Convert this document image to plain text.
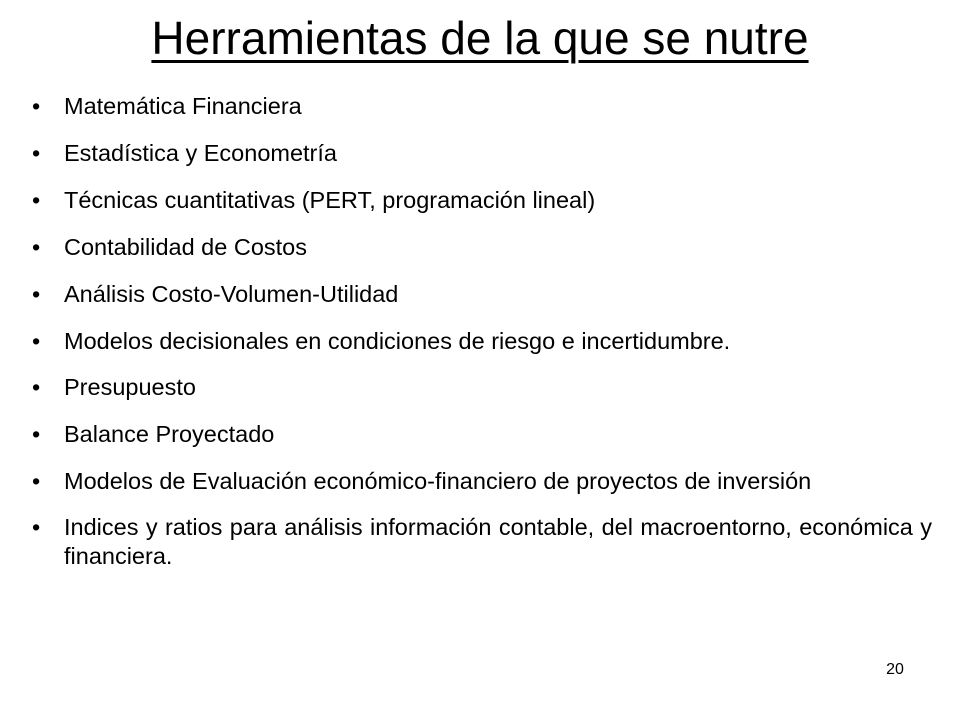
Herramientas de la que se nutre
•	Matemática Financiera
•	Estadística y Econometría
•	Técnicas cuantitativas (PERT, programación lineal)
•	Contabilidad de Costos
•	Análisis Costo-Volumen-Utilidad
•	Modelos decisionales en condiciones de riesgo e incertidumbre.
•	Presupuesto
•	Balance Proyectado
•	Modelos de Evaluación económico-financiero de proyectos de inversión
•	Indices y ratios para análisis información contable, del macroentorno, económica y financiera.
20
